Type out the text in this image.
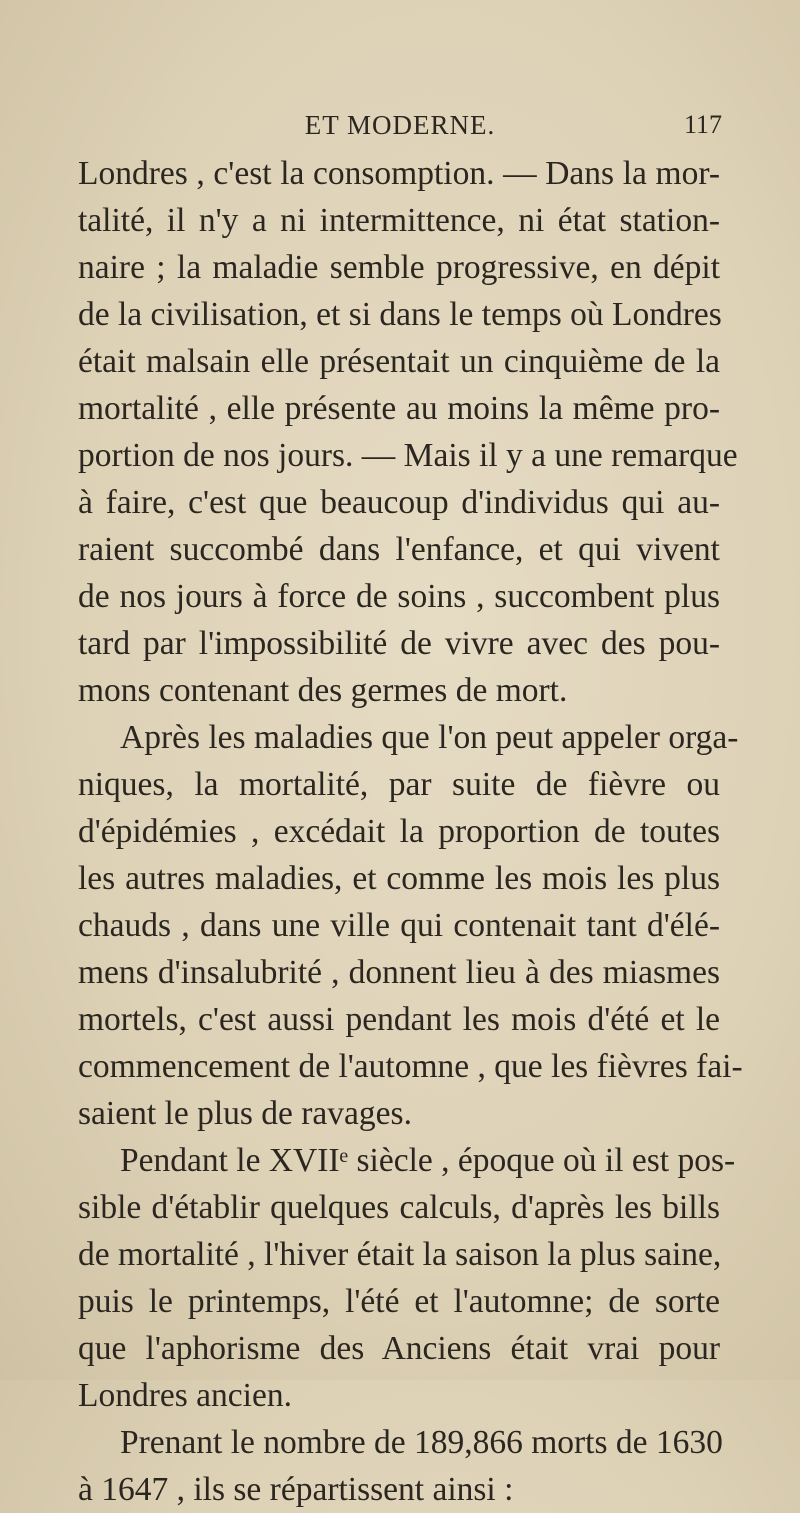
ET MODERNE.	117

Londres , c'est la consomption. — Dans la mor-
talité, il n'y a ni intermittence, ni état station-
naire ; la maladie semble progressive, en dépit
de la civilisation, et si dans le temps où Londres
était malsain elle présentait un cinquième de la
mortalité , elle présente au moins la même pro-
portion de nos jours. — Mais il y a une remarque
à faire, c'est que beaucoup d'individus qui au-
raient succombé dans l'enfance, et qui vivent
de nos jours à force de soins , succombent plus
tard par l'impossibilité de vivre avec des pou-
mons contenant des germes de mort.

Après les maladies que l'on peut appeler orga-
niques, la mortalité, par suite de fièvre ou
d'épidémies , excédait la proportion de toutes
les autres maladies, et comme les mois les plus
chauds , dans une ville qui contenait tant d'élé-
mens d'insalubrité , donnent lieu à des miasmes
mortels, c'est aussi pendant les mois d'été et le
commencement de l'automne , que les fièvres fai-
saient le plus de ravages.

Pendant le XVIIᵉ siècle , époque où il est pos-
sible d'établir quelques calculs, d'après les bills
de mortalité , l'hiver était la saison la plus saine,
puis le printemps, l'été et l'automne; de sorte
que l'aphorisme des Anciens était vrai pour
Londres ancien.

Prenant le nombre de 189,866 morts de 1630
à 1647 , ils se répartissent ainsi :
